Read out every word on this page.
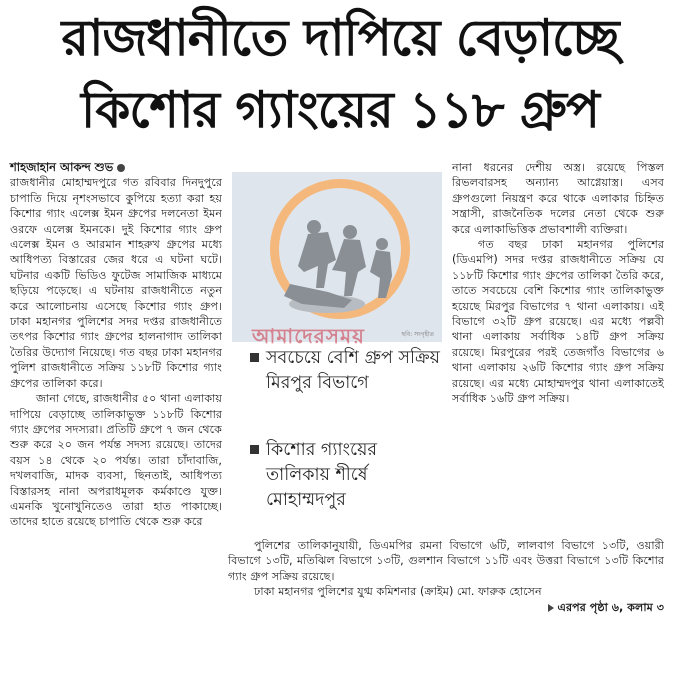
রাজধানীতে দাপিয়ে বেড়াচ্ছে
কিশোর গ্যাংয়ের ১১৮ গ্রুপ

শাহজাহান আকন্দ শুভ

রাজধানীর মোহাম্মদপুরে গত রবিবার দিনদুপুরে চাপাতি দিয়ে নৃশংসভাবে কুপিয়ে হত্যা করা হয় কিশোর গ্যাং এলেক্স ইমন গ্রুপের দলনেতা ইমন ওরফে এলেক্স ইমনকে। দুই কিশোর গ্যাং গ্রুপ এলেক্স ইমন ও আরমান শাহরুখ গ্রুপের মধ্যে আধিপত্য বিস্তারের জের ধরে এ ঘটনা ঘটে। ঘটনার একটি ভিডিও ফুটেজ সামাজিক মাধ্যমে ছড়িয়ে পড়েছে। এ ঘটনায় রাজধানীতে নতুন করে আলোচনায় এসেছে কিশোর গ্যাং গ্রুপ। ঢাকা মহানগর পুলিশের সদর দপ্তর রাজধানীতে তৎপর কিশোর গ্যাং গ্রুপের হালনাগাদ তালিকা তৈরির উদ্যোগ নিয়েছে। গত বছর ঢাকা মহানগর পুলিশ রাজধানীতে সক্রিয় ১১৮টি কিশোর গ্যাং গ্রুপের তালিকা করে।

জানা গেছে, রাজধানীর ৫০ থানা এলাকায় দাপিয়ে বেড়াচ্ছে তালিকাভুক্ত ১১৮টি কিশোর গ্যাং গ্রুপের সদস্যরা। প্রতিটি গ্রুপে ৭ জন থেকে শুরু করে ২০ জন পর্যন্ত সদস্য রয়েছে। তাদের বয়স ১৪ থেকে ২০ পর্যন্ত। তারা চাঁদাবাজি, দখলবাজি, মাদক ব্যবসা, ছিনতাই, আধিপত্য বিস্তারসহ নানা অপরাধমূলক কর্মকাণ্ডে যুক্ত। এমনকি খুনোখুনিতেও তারা হাত পাকাচ্ছে। তাদের হাতে রয়েছে চাপাতি থেকে শুরু করে

ছবি: সংগৃহীত
আমাদেরসময়
সবচেয়ে বেশি গ্রুপ সক্রিয় মিরপুর বিভাগে
কিশোর গ্যাংয়ের তালিকায় শীর্ষে মোহাম্মদপুর

নানা ধরনের দেশীয় অস্ত্র। রয়েছে পিস্তল রিভলবারসহ অন্যান্য আগ্নেয়াস্ত্র। এসব গ্রুপগুলো নিয়ন্ত্রণ করে থাকে এলাকার চিহ্নিত সন্ত্রাসী, রাজনৈতিক দলের নেতা থেকে শুরু করে এলাকাভিত্তিক প্রভাবশালী ব্যক্তিরা।

গত বছর ঢাকা মহানগর পুলিশের (ডিএমপি) সদর দপ্তর রাজধানীতে সক্রিয় যে ১১৮টি কিশোর গ্যাং গ্রুপের তালিকা তৈরি করে, তাতে সবচেয়ে বেশি কিশোর গ্যাং তালিকাভুক্ত হয়েছে মিরপুর বিভাগের ৭ থানা এলাকায়। এই বিভাগে ৩২টি গ্রুপ রয়েছে। এর মধ্যে পল্লবী থানা এলাকায় সর্বাধিক ১৪টি গ্রুপ সক্রিয় রয়েছে। মিরপুরের পরই তেজগাঁও বিভাগের ৬ থানা এলাকায় ২৬টি কিশোর গ্যাং গ্রুপ সক্রিয় রয়েছে। এর মধ্যে মোহাম্মদপুর থানা এলাকাতেই সর্বাধিক ১৬টি গ্রুপ সক্রিয়।

পুলিশের তালিকানুযায়ী, ডিএমপির রমনা বিভাগে ৬টি, লালবাগ বিভাগে ১৩টি, ওয়ারী বিভাগে ১৩টি, মতিঝিল বিভাগে ১৩টি, গুলশান বিভাগে ১১টি এবং উত্তরা বিভাগে ১৩টি কিশোর গ্যাং গ্রুপ সক্রিয় রয়েছে।

ঢাকা মহানগর পুলিশের যুগ্ম কমিশনার (ক্রাইম) মো. ফারুক হোসেন

এরপর পৃষ্ঠা ৬, কলাম ৩
